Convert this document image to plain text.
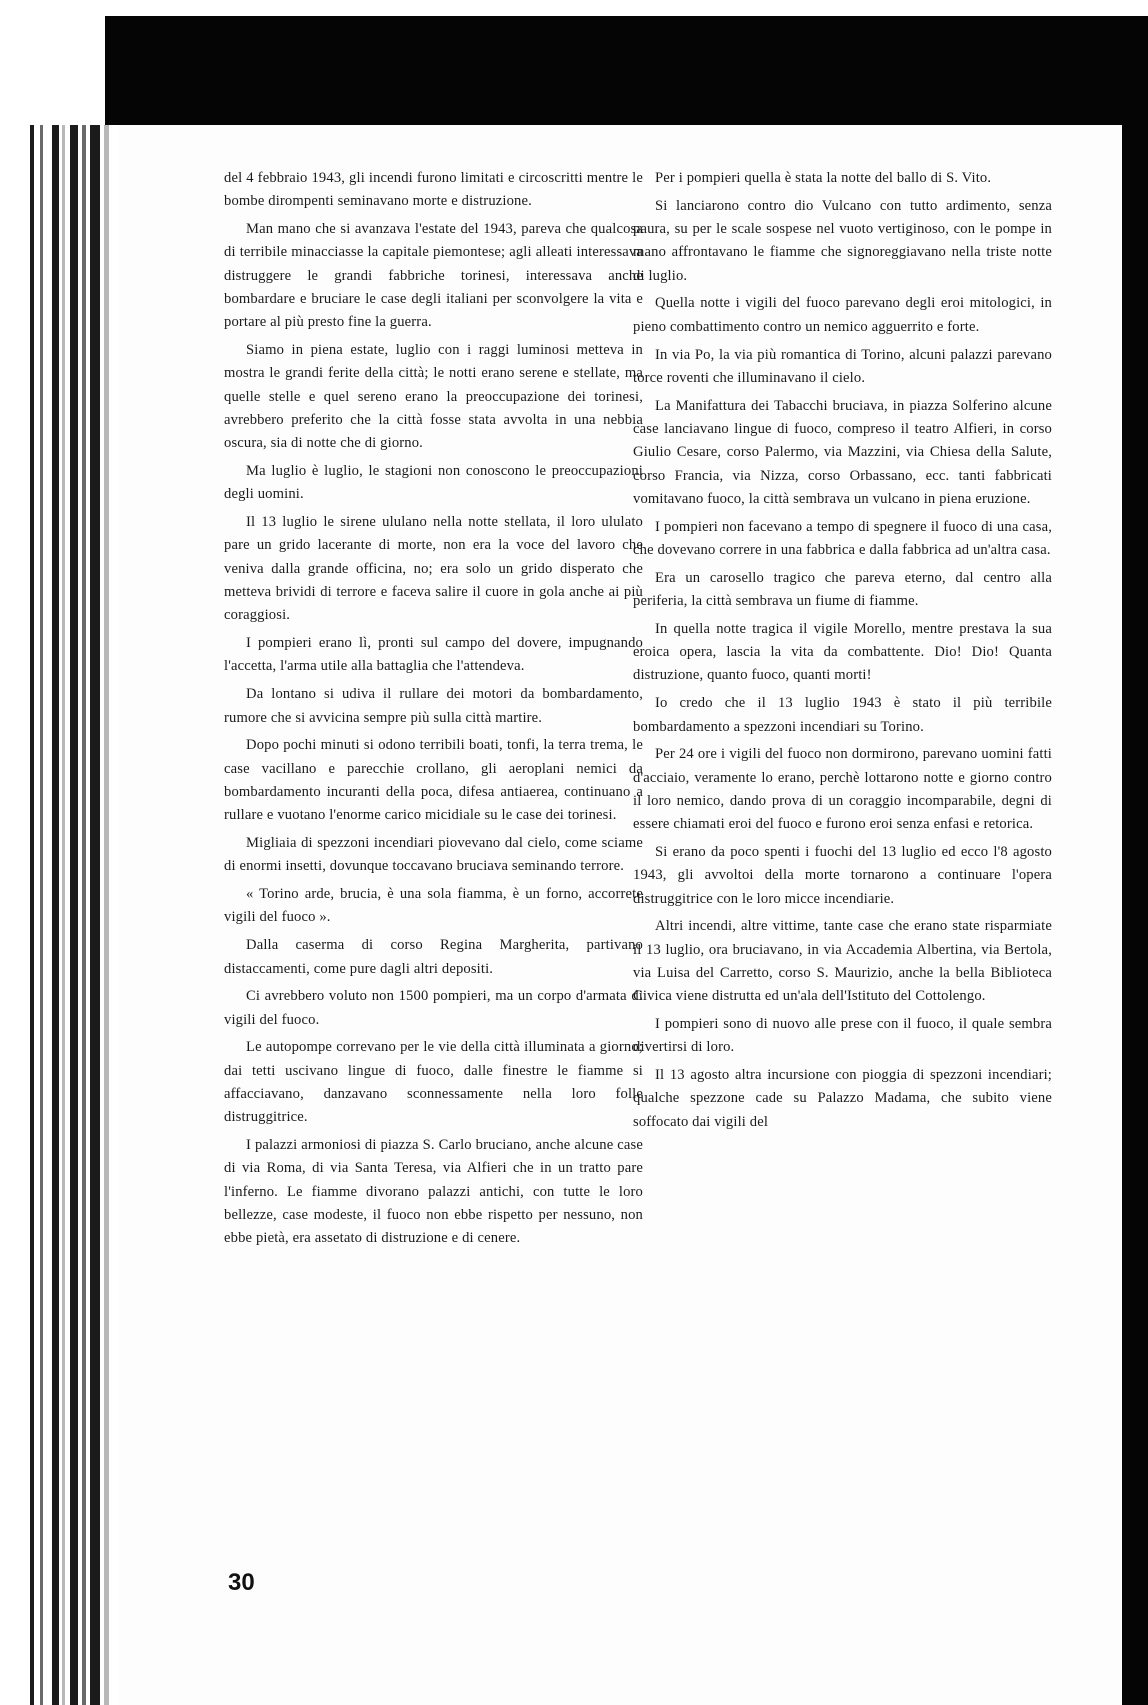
del 4 febbraio 1943, gli incendi furono limitati e circoscritti mentre le bombe dirompenti seminavano morte e distruzione.

Man mano che si avanzava l'estate del 1943, pareva che qualcosa di terribile minacciasse la capitale piemontese; agli alleati interessava distruggere le grandi fabbriche torinesi, interessava anche bombardare e bruciare le case degli italiani per sconvolgere la vita e portare al più presto fine la guerra.

Siamo in piena estate, luglio con i raggi luminosi metteva in mostra le grandi ferite della città; le notti erano serene e stellate, ma quelle stelle e quel sereno erano la preoccupazione dei torinesi, avrebbero preferito che la città fosse stata avvolta in una nebbia oscura, sia di notte che di giorno.

Ma luglio è luglio, le stagioni non conoscono le preoccupazioni degli uomini.

Il 13 luglio le sirene ululano nella notte stellata, il loro ululato pare un grido lacerante di morte, non era la voce del lavoro che veniva dalla grande officina, no; era solo un grido disperato che metteva brividi di terrore e faceva salire il cuore in gola anche ai più coraggiosi.

I pompieri erano lì, pronti sul campo del dovere, impugnando l'accetta, l'arma utile alla battaglia che l'attendeva.

Da lontano si udiva il rullare dei motori da bombardamento, rumore che si avvicina sempre più sulla città martire.

Dopo pochi minuti si odono terribili boati, tonfi, la terra trema, le case vacillano e parecchie crollano, gli aeroplani nemici da bombardamento incuranti della poca, difesa antiaerea, continuano a rullare e vuotano l'enorme carico micidiale su le case dei torinesi.

Migliaia di spezzoni incendiari piovevano dal cielo, come sciame di enormi insetti, dovunque toccavano bruciava seminando terrore.

« Torino arde, brucia, è una sola fiamma, è un forno, accorrete vigili del fuoco ».

Dalla caserma di corso Regina Margherita, partivano distaccamenti, come pure dagli altri depositi.

Ci avrebbero voluto non 1500 pompieri, ma un corpo d'armata di vigili del fuoco.

Le autopompe correvano per le vie della città illuminata a giorno; dai tetti uscivano lingue di fuoco, dalle finestre le fiamme si affacciavano, danzavano sconnessamente nella loro folle distruggitrice.

I palazzi armoniosi di piazza S. Carlo bruciano, anche alcune case di via Roma, di via Santa Teresa, via Alfieri che in un tratto pare l'inferno. Le fiamme divorano palazzi antichi, con tutte le loro bellezze, case modeste, il fuoco non ebbe rispetto per nessuno, non ebbe pietà, era assetato di distruzione e di cenere.

Per i pompieri quella è stata la notte del ballo di S. Vito.

Si lanciarono contro dio Vulcano con tutto ardimento, senza paura, su per le scale sospese nel vuoto vertiginoso, con le pompe in mano affrontavano le fiamme che signoreggiavano nella triste notte di luglio.

Quella notte i vigili del fuoco parevano degli eroi mitologici, in pieno combattimento contro un nemico agguerrito e forte.

In via Po, la via più romantica di Torino, alcuni palazzi parevano torce roventi che illuminavano il cielo.

La Manifattura dei Tabacchi bruciava, in piazza Solferino alcune case lanciavano lingue di fuoco, compreso il teatro Alfieri, in corso Giulio Cesare, corso Palermo, via Mazzini, via Chiesa della Salute, corso Francia, via Nizza, corso Orbassano, ecc. tanti fabbricati vomitavano fuoco, la città sembrava un vulcano in piena eruzione.

I pompieri non facevano a tempo di spegnere il fuoco di una casa, che dovevano correre in una fabbrica e dalla fabbrica ad un'altra casa.

Era un carosello tragico che pareva eterno, dal centro alla periferia, la città sembrava un fiume di fiamme.

In quella notte tragica il vigile Morello, mentre prestava la sua eroica opera, lascia la vita da combattente. Dio! Dio! Quanta distruzione, quanto fuoco, quanti morti!

Io credo che il 13 luglio 1943 è stato il più terribile bombardamento a spezzoni incendiari su Torino.

Per 24 ore i vigili del fuoco non dormirono, parevano uomini fatti d'acciaio, veramente lo erano, perchè lottarono notte e giorno contro il loro nemico, dando prova di un coraggio incomparabile, degni di essere chiamati eroi del fuoco e furono eroi senza enfasi e retorica.

Si erano da poco spenti i fuochi del 13 luglio ed ecco l'8 agosto 1943, gli avvoltoi della morte tornarono a continuare l'opera distruggitrice con le loro micce incendiarie.

Altri incendi, altre vittime, tante case che erano state risparmiate il 13 luglio, ora bruciavano, in via Accademia Albertina, via Bertola, via Luisa del Carretto, corso S. Maurizio, anche la bella Biblioteca Civica viene distrutta ed un'ala dell'Istituto del Cottolengo.

I pompieri sono di nuovo alle prese con il fuoco, il quale sembra divertirsi di loro.

Il 13 agosto altra incursione con pioggia di spezzoni incendiari; qualche spezzone cade su Palazzo Madama, che subito viene soffocato dai vigili del

30
